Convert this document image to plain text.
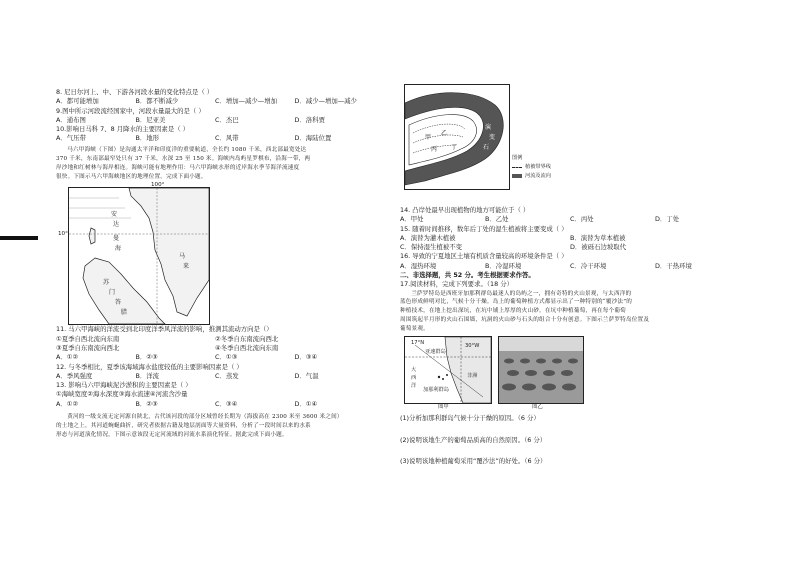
8. 尼日尔河上、中、下游各河段水量的变化特点是（ ）
A．都可能增加	B．都不断减少	C．增加—减少—增加	D．减少—增加—减少
9.图中所示河段流经国家中，河段水量最大的是（ ）
A．通布图	B．尼亚美	C．杰巴	D．洛科贾
10.影响日马科 7、8 月降水的主要因素是（ ）
A．气压带	B．地形	C．风带	D．海陆位置
马六甲海峡（下图）是沟通太平洋和印度洋的重要航道，全长约 1080 千米，西北部最宽处达
370 千米，东南部最窄处只有 37 千米，水深 25 至 150 米。海峡内岛屿星罗棋布，沿海一带，两
岸沙地和红树林与海岸相连。海峡可能有地理作用：马六甲海峡水形的近岸海水季节海洋流速度
很快。下图示马六甲海峡地区的地理位置。完成下面小题。
100°
10°
安
达
曼
海
苏
门
答
腊
马
来
11. 马六甲海峡的洋流受到北印度洋季风洋流的影响，推测其流动方向是（）
①夏季自西北流向东南	②冬季自东南流向西北
③夏季自东南流向西北	④冬季自西北流向东南
A．①②	B．②③	C．①③	D．③④
12. 与冬季相比，夏季该海域海水盐度较低的主要影响因素是（ ）
A．季风强度	B．洋流	C．蒸发	D．气温
13. 影响马六甲海峡泥沙淤积的主要因素是（ ）
①海峡宽度②海水深度③海水流速④河流含沙量
A．①②	B．②③	C．③④	D．①④
黄河的一级支流无定河源自陕北，古代该河段的部分区域曾经长期为（海拔高在 2300 米至 3600 米之间）
的土地之上，其河道蜿蜒曲折，研究者依据古籍及地层剖面等大量资料，分析了一段时间以来的水系
形态与河道演化情况，下图示意该段无定河流域的河流水系演化特征。据此完成下面小题。
甲
乙
丙 丁
演
变
石
图例
植被带界线
河流及流向
14. 凸岸处最早出现植物的地方可能位于（ ）
A．甲处	B．乙处	C．丙处	D．丁处
15. 随着时间推移，数年后丁处的湿生植被将主要变成（ ）
A．演替为灌木植被	B．演替为草本植被
C．保持湿生植被不变	D．被砾石边坡取代
16. 导致的宁夏地区土壤有机质含量较高的环境条件是（ ）
A．湿热环境	B．冷湿环境	C．冷干环境	D．干热环境
二、非选择题，共 52 分。考生根据要求作答。
17.阅读材料，完成下列要求。（18 分）
兰萨罗特岛是西班牙加那利群岛最迷人的岛屿之一，拥有奇特的火山景观，与太西洋的
蓝色形成鲜明对比，气候十分干燥。岛上的葡萄种植方式都显示出了一种特别的“覆沙法”的
种植技术，在地上挖出深坑，在坑中铺上厚厚的火山砂。在坑中种植葡萄，再在每个葡萄
周围筑起半月形的火山石围墙，坑洞的火山砂与石头的组合十分有创意。下图示兰萨罗特岛位置及
葡萄景观。
17°N	30°W
大
西
洋
加那利群岛
非洲
亚速群岛
图甲	图乙
(1)分析加那利群岛气候十分干燥的原因。（6 分）
(2)说明该地生产的葡萄品质高的自然原因。（6 分）
(3)说明该地种植葡萄采用“覆沙法”的好处。（6 分）
